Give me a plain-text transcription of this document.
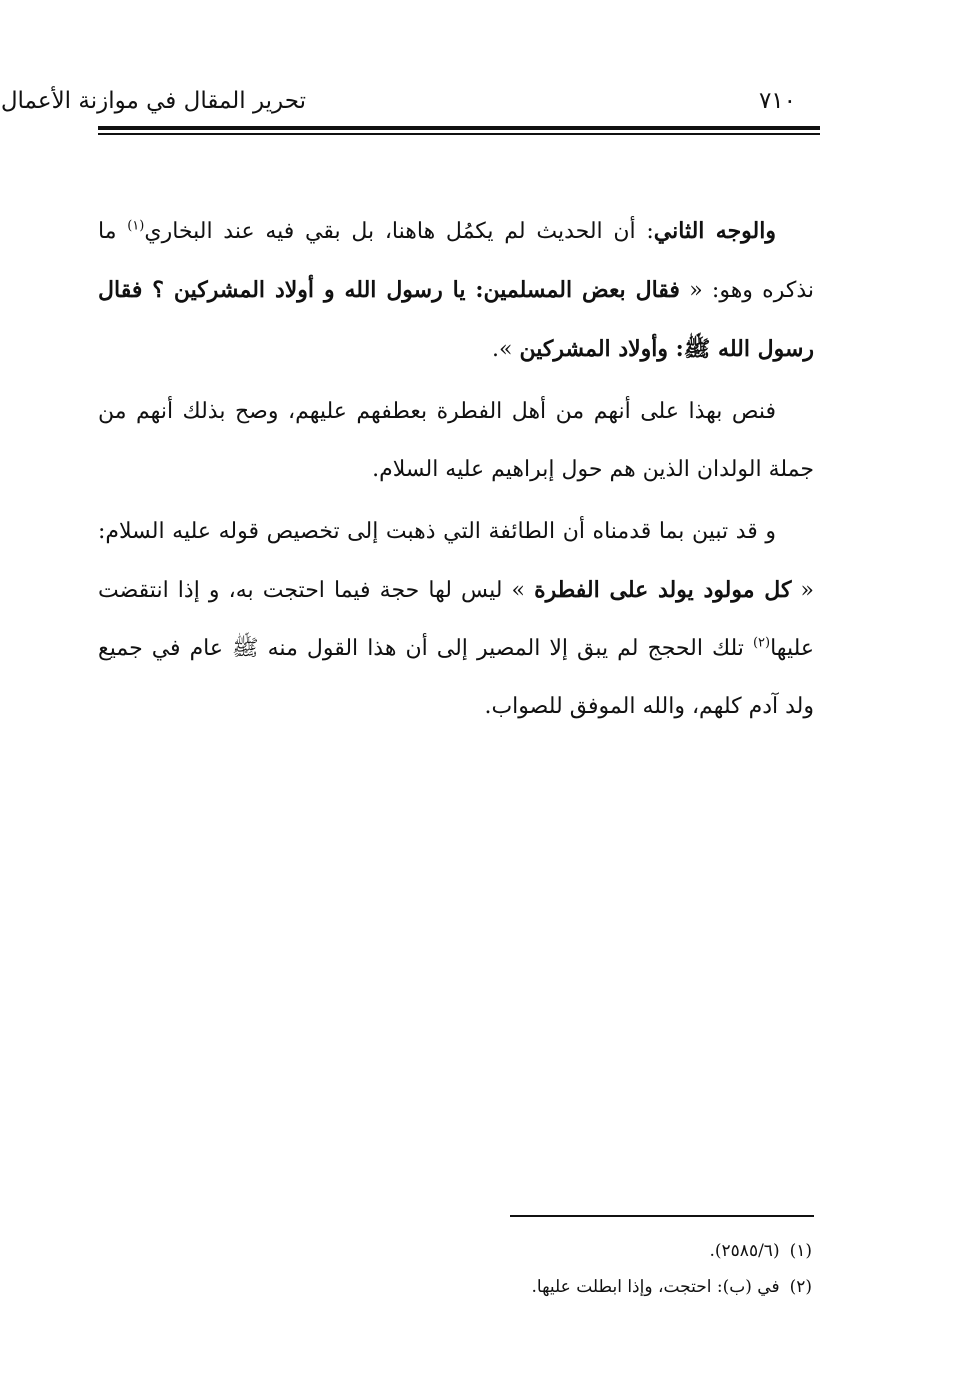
تحرير المقال في موازنة الأعمال	٧١٠

والوجه الثاني: أن الحديث لم يكمُل هاهنا، بل بقي فيه عند البخاري$^{(١)}$ ما نذكره وهو: « فقال بعض المسلمين: يا رسول الله و أولاد المشركين ؟ فقال رسول الله ﷺ: وأولاد المشركين ».

فنص بهذا على أنهم من أهل الفطرة بعطفهم عليهم، وصح بذلك أنهم من جملة الولدان الذين هم حول إبراهيم عليه السلام.

و قد تبين بما قدمناه أن الطائفة التي ذهبت إلى تخصيص قوله عليه السلام: « كل مولود يولد على الفطرة » ليس لها حجة فيما احتجت به، و إذا انتقضت عليها$^{(٢)}$ تلك الحجج لم يبق إلا المصير إلى أن هذا القول منه ﷺ عام في جميع ولد آدم كلهم، والله الموفق للصواب.

(١)(٢٥٨٥/٦).

(٢)في (ب): احتجت، وإذا ابطلت عليها.
